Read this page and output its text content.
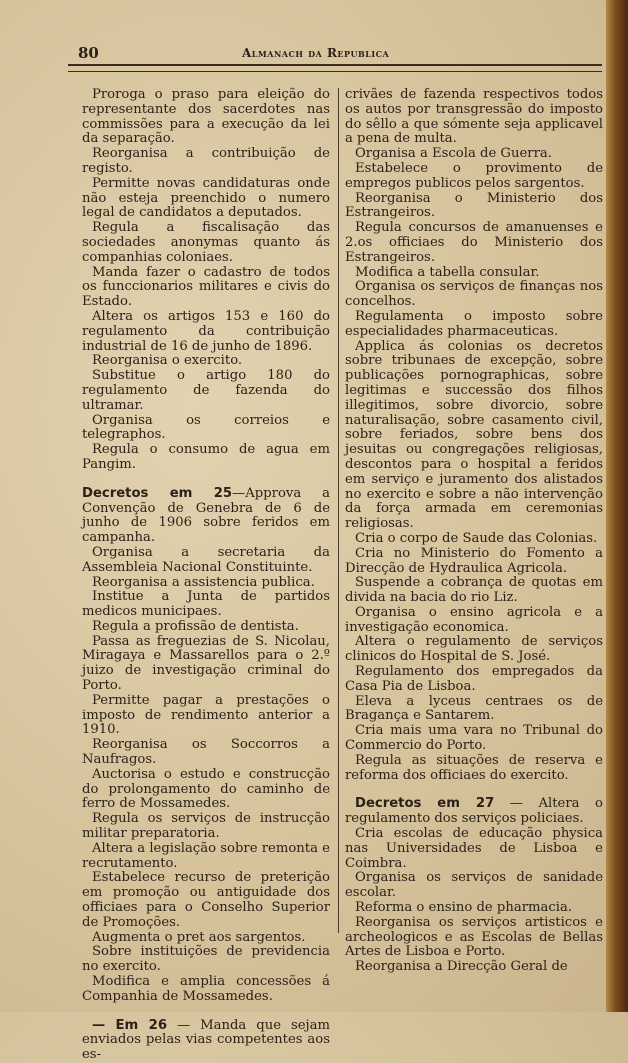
80	Almanach da Republica

Proroga o praso para eleição do representante dos sacerdotes nas commissões para a execução da lei da separação.

Reorganisa a contribuição de registo.

Permitte novas candidaturas onde não esteja preenchido o numero legal de candidatos a deputados.

Regula a fiscalisação das sociedades anonymas quanto ás companhias coloniaes.

Manda fazer o cadastro de todos os funccionarios militares e civis do Estado.

Altera os artigos 153 e 160 do regulamento da contribuição industrial de 16 de junho de 1896.

Reorganisa o exercito.

Substitue o artigo 180 do regulamento de fazenda do ultramar.

Organisa os correios e telegraphos.

Regula o consumo de agua em Pangim.

Decretos em 25—Approva a Convenção de Genebra de 6 de junho de 1906 sobre feridos em campanha.

Organisa a secretaria da Assembleia Nacional Constituinte.

Reorganisa a assistencia publica.

Institue a Junta de partidos medicos municipaes.

Regula a profissão de dentista.

Passa as freguezias de S. Nicolau, Miragaya e Massarellos para o 2.º juizo de investigação criminal do Porto.

Permitte pagar a prestações o imposto de rendimento anterior a 1910.

Reorganisa os Soccorros a Naufragos.

Auctorisa o estudo e construcção do prolongamento do caminho de ferro de Mossamedes.

Regula os serviços de instrucção militar preparatoria.

Altera a legislação sobre remonta e recrutamento.

Estabelece recurso de preterição em promoção ou antiguidade dos officiaes para o Conselho Superior de Promoções.

Augmenta o pret aos sargentos.

Sobre instituições de previdencia no exercito.

Modifica e amplia concessões á Companhia de Mossamedes.

— Em 26 — Manda que sejam enviados pelas vias competentes aos es-

crivães de fazenda respectivos todos os autos por transgressão do imposto do sêllo a que sómente seja applicavel a pena de multa.

Organisa a Escola de Guerra.

Estabelece o provimento de empregos publicos pelos sargentos.

Reorganisa o Ministerio dos Estrangeiros.

Regula concursos de amanuenses e 2.os officiaes do Ministerio dos Estrangeiros.

Modifica a tabella consular.

Organisa os serviços de finanças nos concelhos.

Regulamenta o imposto sobre especialidades pharmaceuticas.

Applica ás colonias os decretos sobre tribunaes de excepção, sobre publicações pornographicas, sobre legitimas e successão dos filhos illegitimos, sobre divorcio, sobre naturalisação, sobre casamento civil, sobre feriados, sobre bens dos jesuitas ou congregações religiosas, descontos para o hospital a feridos em serviço e juramento dos alistados no exercito e sobre a não intervenção da força armada em ceremonias religiosas.

Cria o corpo de Saude das Colonias.

Cria no Ministerio do Fomento a Direcção de Hydraulica Agricola.

Suspende a cobrança de quotas em divida na bacia do rio Liz.

Organisa o ensino agricola e a investigação economica.

Altera o regulamento de serviços clinicos do Hospital de S. José.

Regulamento dos empregados da Casa Pia de Lisboa.

Eleva a lyceus centraes os de Bragança e Santarem.

Cria mais uma vara no Tribunal do Commercio do Porto.

Regula as situações de reserva e reforma dos officiaes do exercito.

Decretos em 27 — Altera o regulamento dos serviços policiaes.

Cria escolas de educação physica nas Universidades de Lisboa e Coimbra.

Organisa os serviços de sanidade escolar.

Reforma o ensino de pharmacia.

Reorganisa os serviços artisticos e archeologicos e as Escolas de Bellas Artes de Lisboa e Porto.

Reorganisa a Direcção Geral de
